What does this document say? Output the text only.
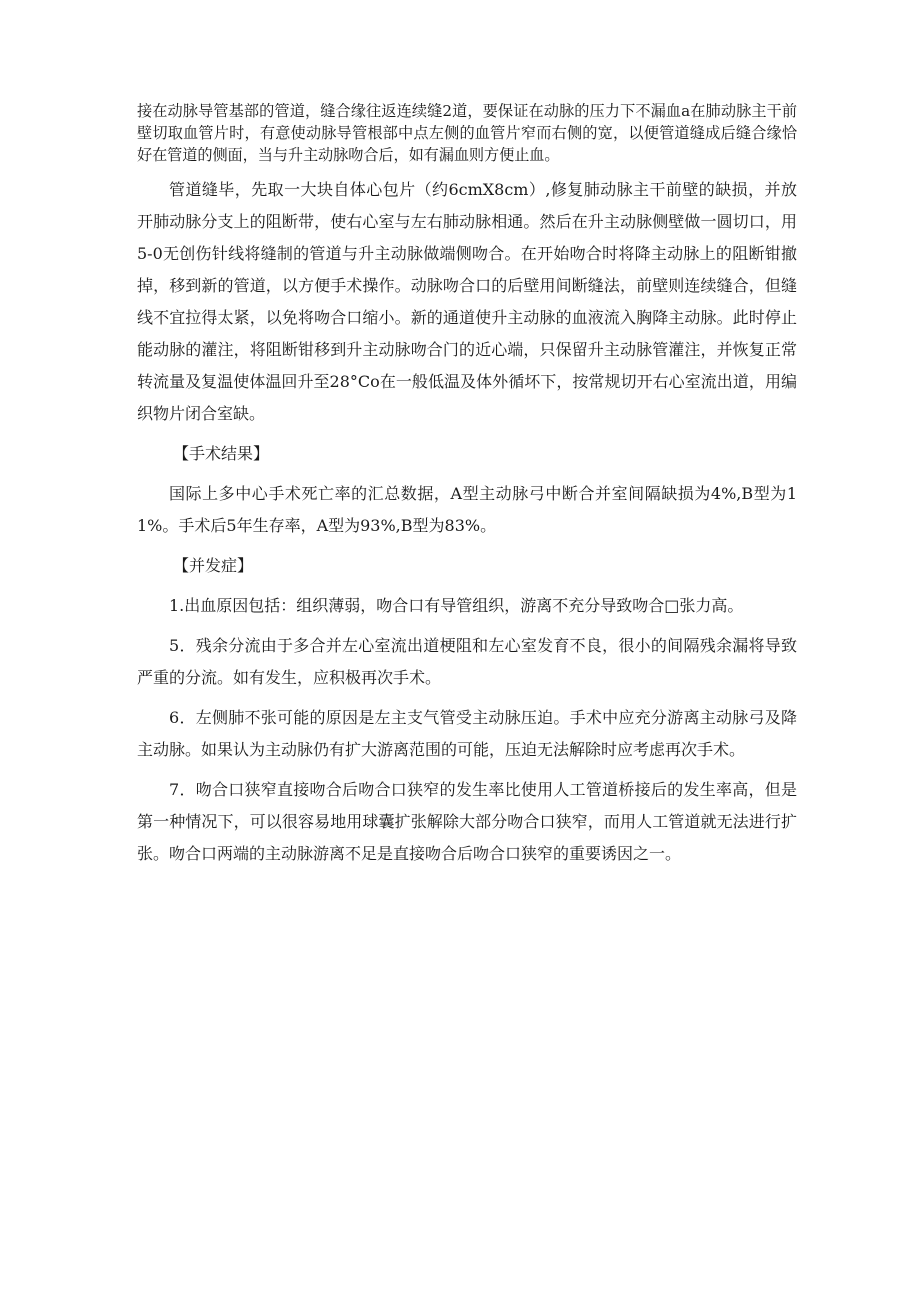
接在动脉导管基部的管道，缝合缘往返连续缝2道，要保证在动脉的压力下不漏血a在肺动脉主干前壁切取血管片时，有意使动脉导管根部中点左侧的血管片窄而右侧的宽，以便管道缝成后缝合缘恰好在管道的侧面，当与升主动脉吻合后，如有漏血则方便止血。

管道缝毕，先取一大块自体心包片（约6cmX8cm）,修复肺动脉主干前壁的缺损，并放开肺动脉分支上的阻断带，使右心室与左右肺动脉相通。然后在升主动脉侧壁做一圆切口，用5-0无创伤针线将缝制的管道与升主动脉做端侧吻合。在开始吻合时将降主动脉上的阻断钳撤掉，移到新的管道，以方便手术操作。动脉吻合口的后壁用间断缝法，前壁则连续缝合，但缝线不宜拉得太紧，以免将吻合口缩小。新的通道使升主动脉的血液流入胸降主动脉。此时停止能动脉的灌注，将阻断钳移到升主动脉吻合门的近心端，只保留升主动脉管灌注，并恢复正常转流量及复温使体温回升至28°Co在一般低温及体外循坏下，按常规切开右心室流出道，用编织物片闭合室缺。

【手术结果】

国际上多中心手术死亡率的汇总数据，A型主动脉弓中断合并室间隔缺损为4%,B型为11%。手术后5年生存率，A型为93%,B型为83%。

【并发症】

1.出血原因包括：组织薄弱，吻合口有导管组织，游离不充分导致吻合□张力高。

5．残余分流由于多合并左心室流出道梗阻和左心室发育不良，很小的间隔残余漏将导致严重的分流。如有发生，应积极再次手术。

6．左侧肺不张可能的原因是左主支气管受主动脉压迫。手术中应充分游离主动脉弓及降主动脉。如果认为主动脉仍有扩大游离范围的可能，压迫无法解除时应考虑再次手术。

7．吻合口狭窄直接吻合后吻合口狭窄的发生率比使用人工管道桥接后的发生率高，但是第一种情况下，可以很容易地用球囊扩张解除大部分吻合口狭窄，而用人工管道就无法进行扩张。吻合口两端的主动脉游离不足是直接吻合后吻合口狭窄的重要诱因之一。
